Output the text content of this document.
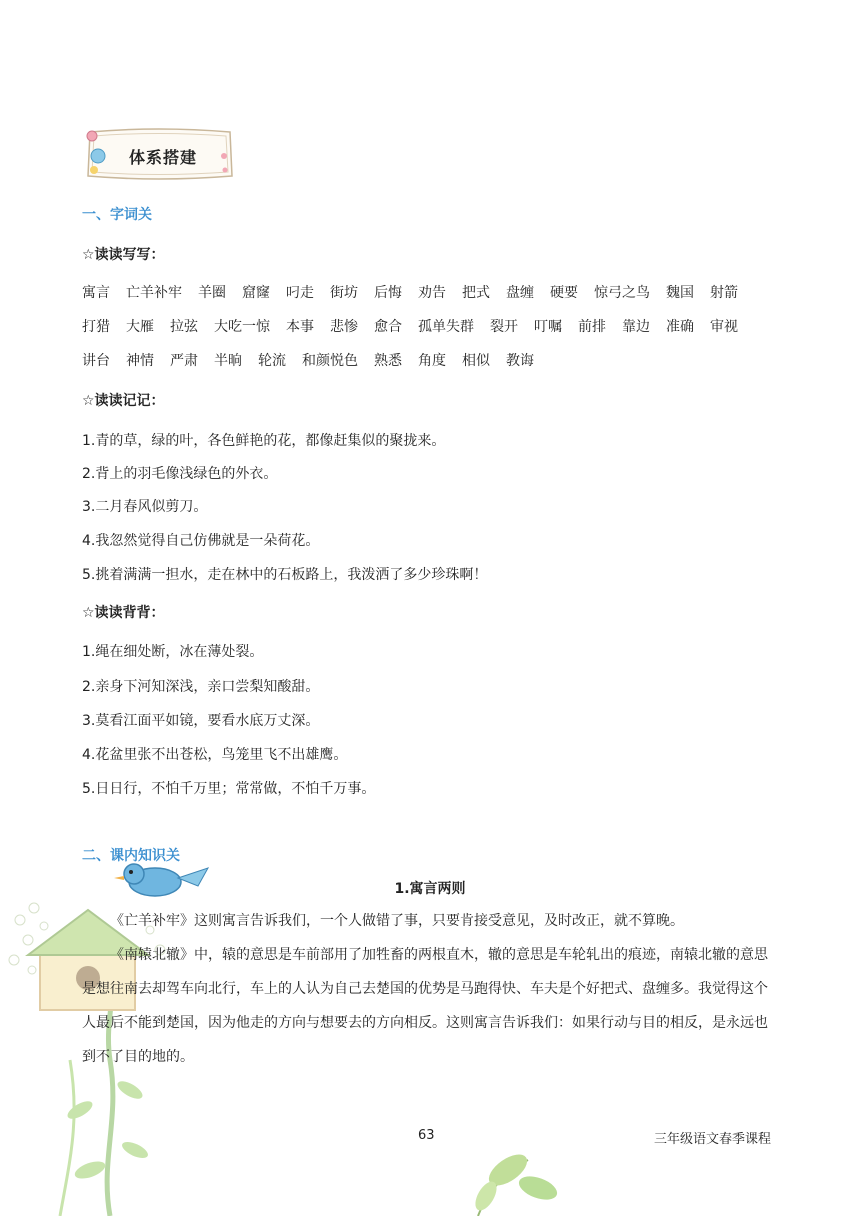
体系搭建
一、字词关
☆读读写写：
寓言 亡羊补牢 羊圈 窟窿 叼走 街坊 后悔 劝告 把式 盘缠 硬要 惊弓之鸟 魏国 射箭
打猎 大雁 拉弦 大吃一惊 本事 悲惨 愈合 孤单失群 裂开 叮嘱 前排 靠边 准确 审视
讲台 神情 严肃 半晌 轮流 和颜悦色 熟悉 角度 相似 教诲
☆读读记记：
1.青的草，绿的叶，各色鲜艳的花，都像赶集似的聚拢来。
2.背上的羽毛像浅绿色的外衣。
3.二月春风似剪刀。
4.我忽然觉得自己仿佛就是一朵荷花。
5.挑着满满一担水，走在林中的石板路上，我泼洒了多少珍珠啊！
☆读读背背：
1.绳在细处断，冰在薄处裂。
2.亲身下河知深浅，亲口尝梨知酸甜。
3.莫看江面平如镜，要看水底万丈深。
4.花盆里张不出苍松，鸟笼里飞不出雄鹰。
5.日日行，不怕千万里；常常做，不怕千万事。
二、课内知识关
1.寓言两则

《亡羊补牢》这则寓言告诉我们，一个人做错了事，只要肯接受意见，及时改正，就不算晚。

《南辕北辙》中，辕的意思是车前部用了加牲畜的两根直木，辙的意思是车轮轧出的痕迹，南辕北辙的意思是想往南去却驾车向北行，车上的人认为自己去楚国的优势是马跑得快、车夫是个好把式、盘缠多。我觉得这个人最后不能到楚国，因为他走的方向与想要去的方向相反。这则寓言告诉我们：如果行动与目的相反，是永远也到不了目的地的。

63	三年级语文春季课程
